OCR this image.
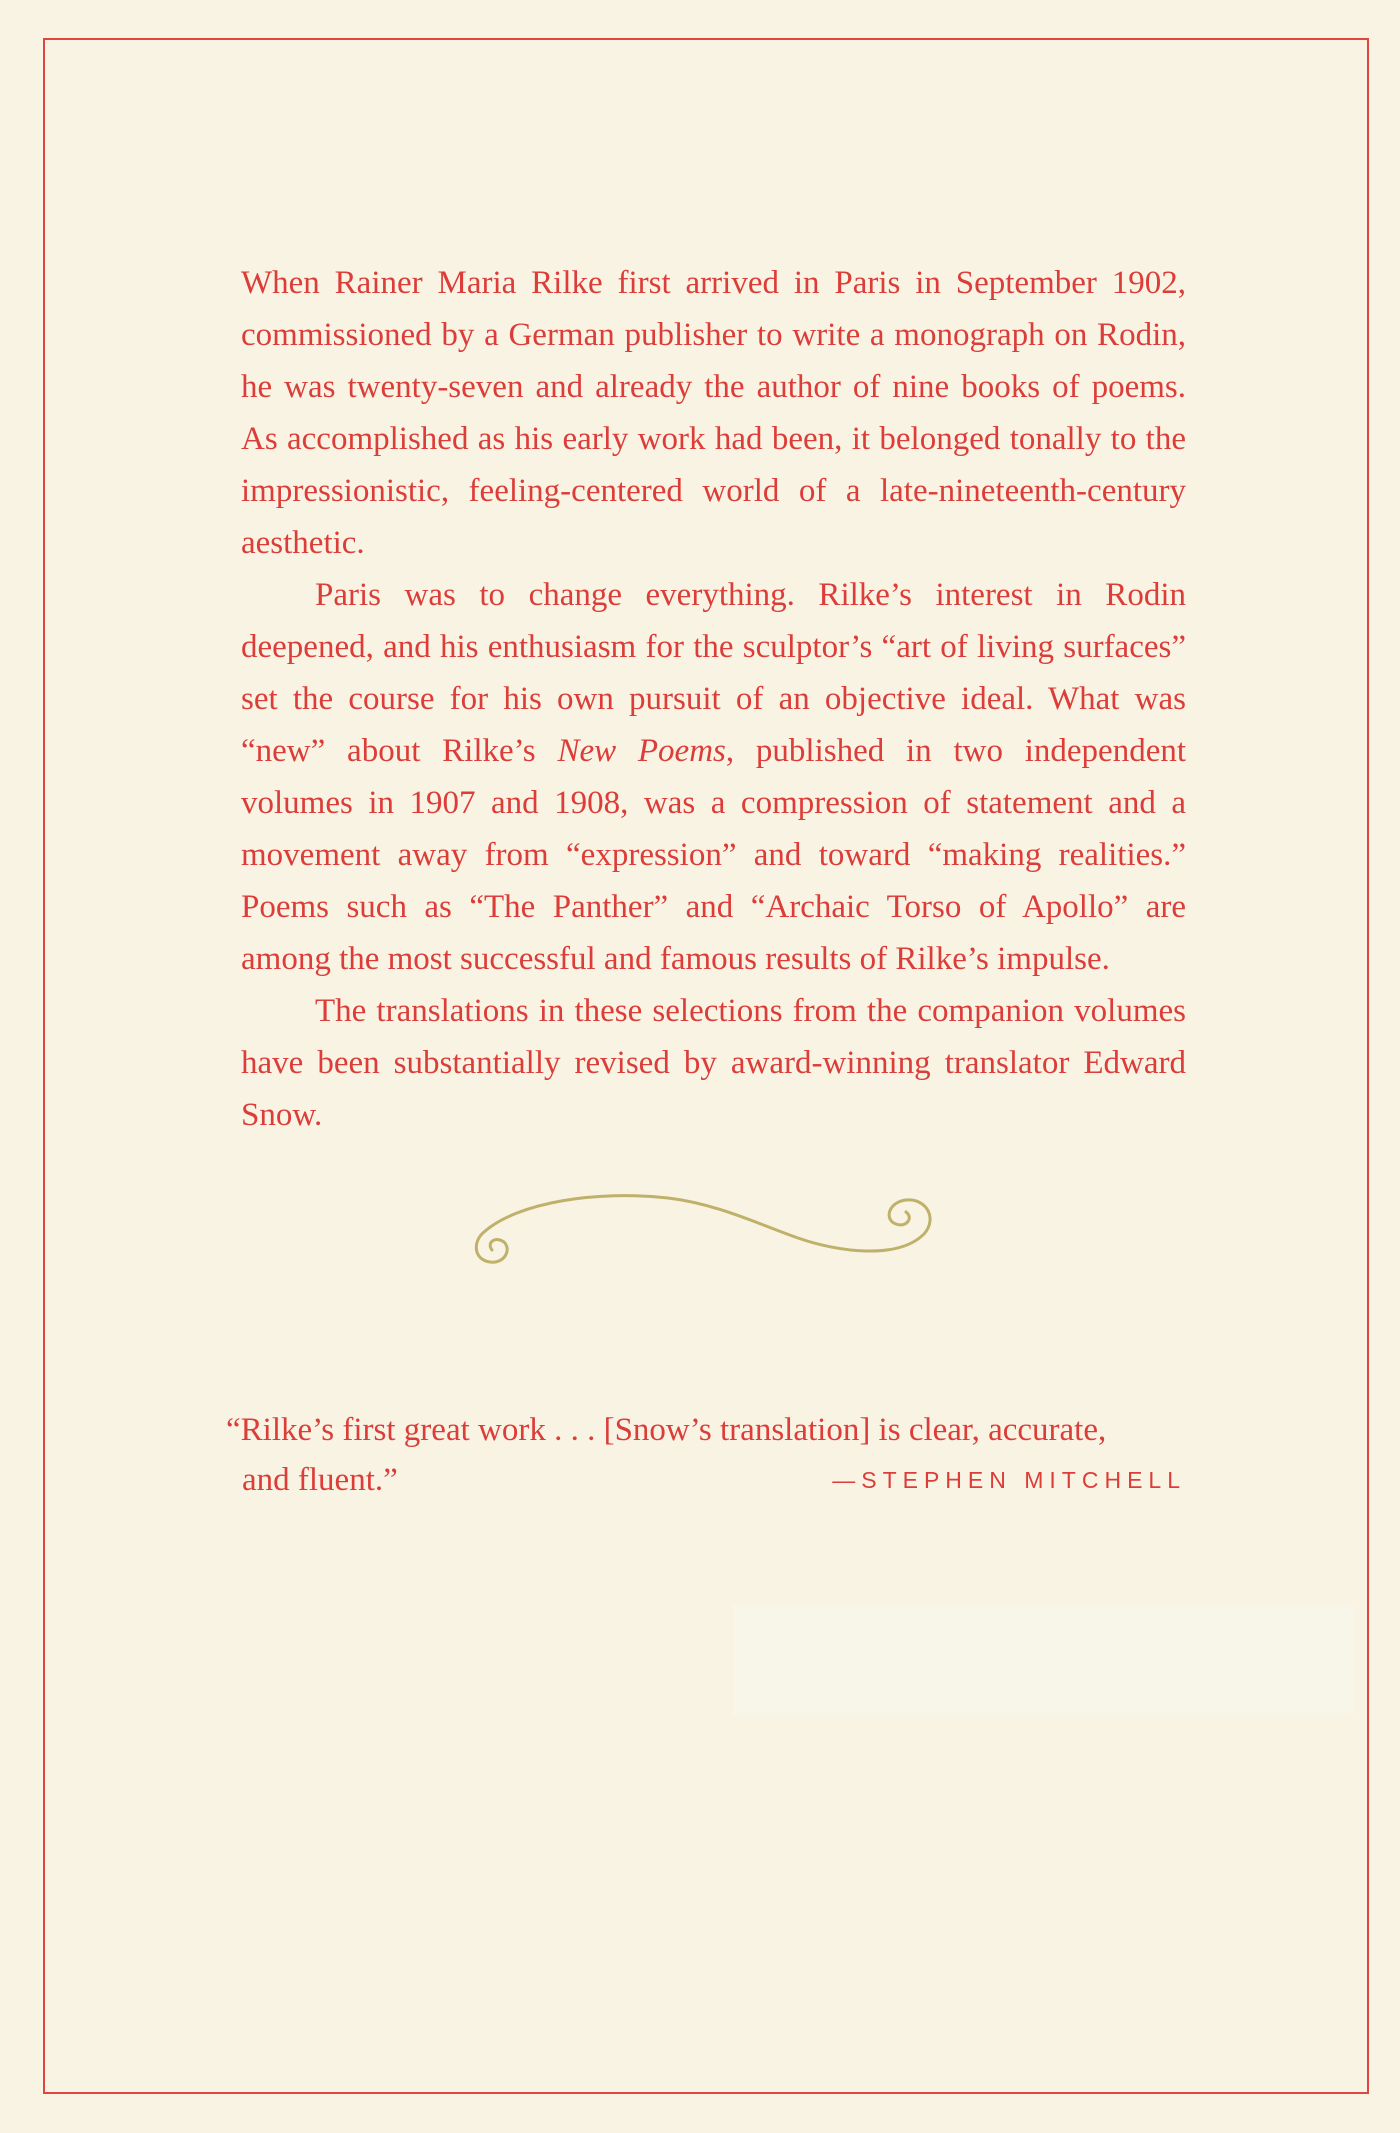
When Rainer Maria Rilke first arrived in Paris in September 1902, commissioned by a German publisher to write a monograph on Rodin, he was twenty-seven and already the author of nine books of poems. As accomplished as his early work had been, it belonged tonally to the impressionistic, feeling-centered world of a late-nineteenth-century aesthetic.

Paris was to change everything. Rilke’s interest in Rodin deepened, and his enthusiasm for the sculptor’s “art of living surfaces” set the course for his own pursuit of an objective ideal. What was “new” about Rilke’s New Poems, published in two independent volumes in 1907 and 1908, was a compression of statement and a movement away from “expression” and toward “making realities.” Poems such as “The Panther” and “Archaic Torso of Apollo” are among the most successful and famous results of Rilke’s impulse.

The translations in these selections from the companion volumes have been substantially revised by award-winning translator Edward Snow.

“Rilke’s first great work . . . [Snow’s translation] is clear, accurate,

and fluent.”	—STEPHEN MITCHELL
